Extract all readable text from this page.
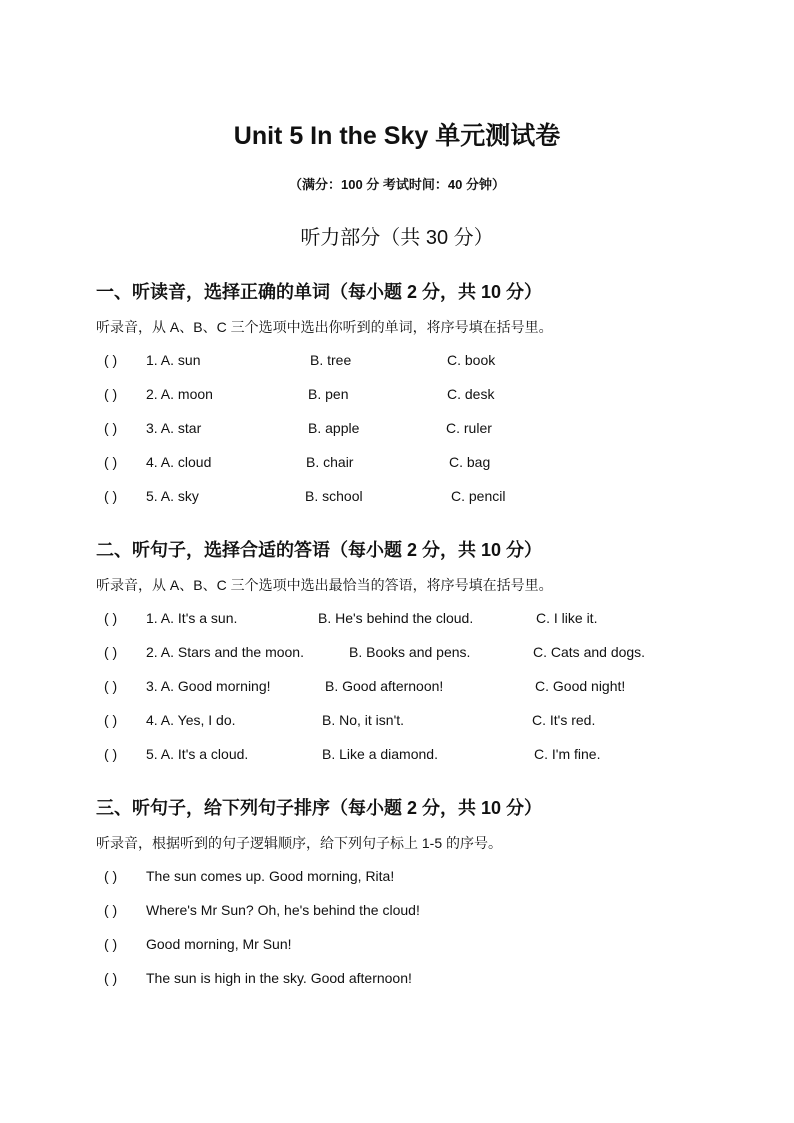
Unit 5 In the Sky 单元测试卷
（满分：100 分 考试时间：40 分钟）
听力部分（共 30 分）
一、听读音，选择正确的单词（每小题 2 分，共 10 分）
听录音，从 A、B、C 三个选项中选出你听到的单词，将序号填在括号里。
( ) 1. A. sun	B. tree	C. book
( ) 2. A. moon	B. pen	C. desk
( ) 3. A. star	B. apple	C. ruler
( ) 4. A. cloud	B. chair	C. bag
( ) 5. A. sky	B. school	C. pencil
二、听句子，选择合适的答语（每小题 2 分，共 10 分）
听录音，从 A、B、C 三个选项中选出最恰当的答语，将序号填在括号里。
( ) 1. A. It's a sun.	B. He's behind the cloud.	C. I like it.
( ) 2. A. Stars and the moon.	B. Books and pens.	C. Cats and dogs.
( ) 3. A. Good morning!	B. Good afternoon!	C. Good night!
( ) 4. A. Yes, I do.	B. No, it isn't.	C. It's red.
( ) 5. A. It's a cloud.	B. Like a diamond.	C. I'm fine.
三、听句子，给下列句子排序（每小题 2 分，共 10 分）
听录音，根据听到的句子逻辑顺序，给下列句子标上 1-5 的序号。
( ) The sun comes up. Good morning, Rita!
( ) Where's Mr Sun? Oh, he's behind the cloud!
( ) Good morning, Mr Sun!
( ) The sun is high in the sky. Good afternoon!
